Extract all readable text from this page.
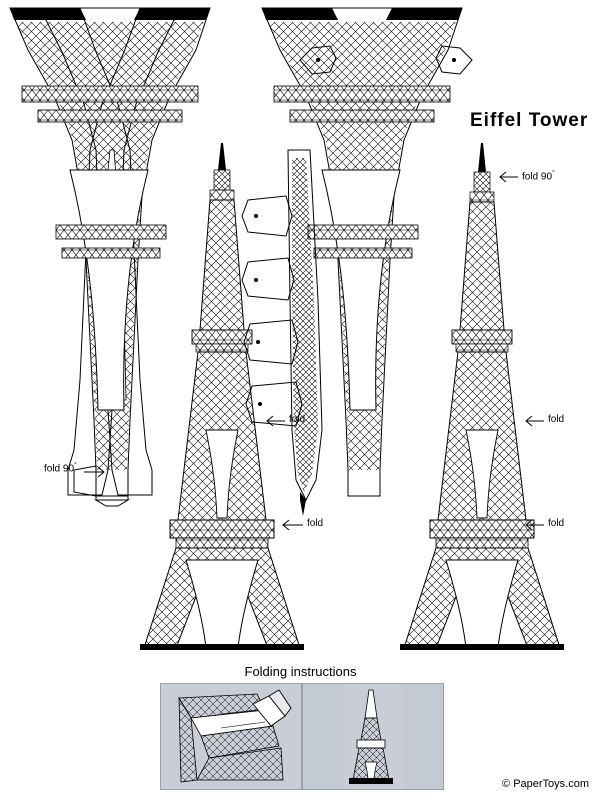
Eiffel Tower
fold 90°
fold 90°
fold
fold
fold
fold
Folding instructions
© PaperToys.com
